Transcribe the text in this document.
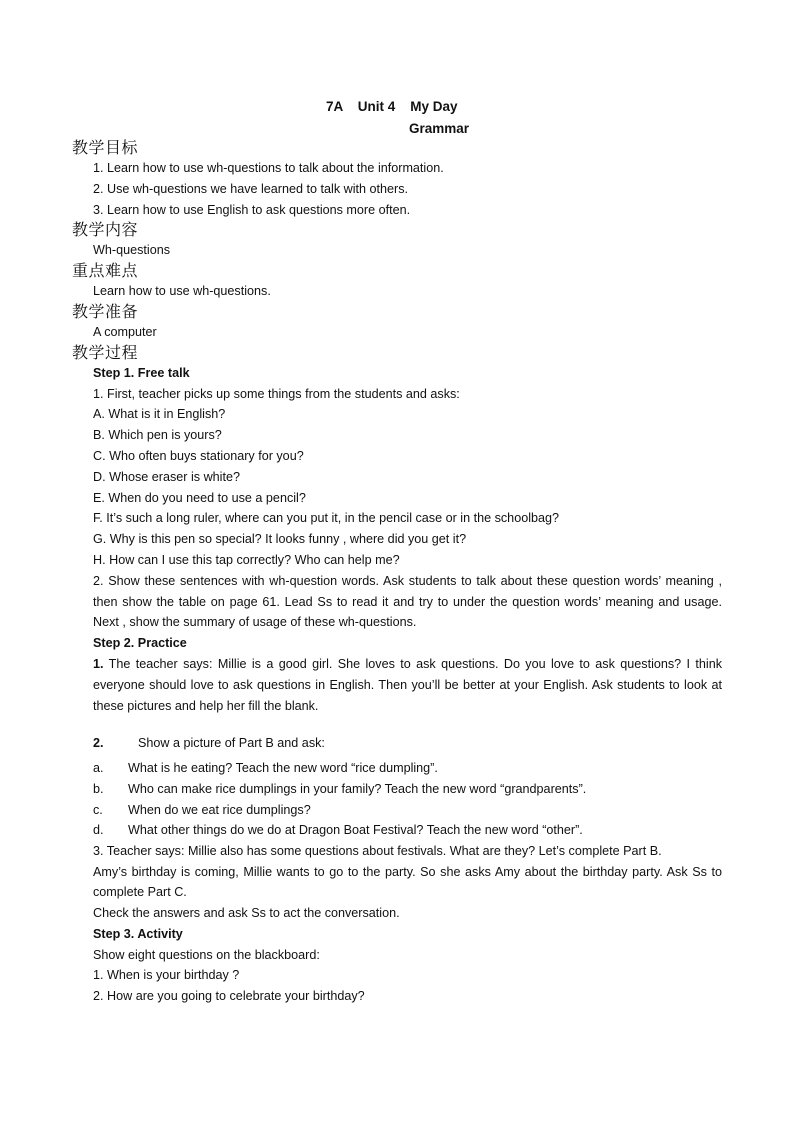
7A    Unit 4    My Day
Grammar
教学目标

1. Learn how to use wh-questions to talk about the information.

2. Use wh-questions we have learned to talk with others.

3. Learn how to use English to ask questions more often.

教学内容

Wh-questions

重点难点

Learn how to use wh-questions.

教学准备

A computer

教学过程

Step 1. Free talk

1. First, teacher picks up some things from the students and asks:

A. What is it in English?

B. Which pen is yours?

C. Who often buys stationary for you?

D. Whose eraser is white?

E. When do you need to use a pencil?

F. It’s such a long ruler, where can you put it, in the pencil case or in the schoolbag?

G. Why is this pen so special? It looks funny , where did you get it?

H. How can I use this tap correctly? Who can help me?

2. Show these sentences with wh-question words. Ask students to talk about these question words’ meaning , then show the table on page 61. Lead Ss to read it and try to under the question words’ meaning and usage. Next , show the summary of usage of these wh-questions.

Step 2. Practice

1. The teacher says: Millie is a good girl. She loves to ask questions. Do you love to ask questions? I think everyone should love to ask questions in English. Then you’ll be better at your English. Ask students to look at these pictures and help her fill the blank.

2.	Show a picture of Part B and ask:
a.	What is he eating? Teach the new word “rice dumpling”.
b.	Who can make rice dumplings in your family? Teach the new word “grandparents”.
c.	When do we eat rice dumplings?
d.	What other things do we do at Dragon Boat Festival? Teach the new word “other”.

3. Teacher says: Millie also has some questions about festivals. What are they? Let’s complete Part B.

Amy’s birthday is coming, Millie wants to go to the party. So she asks Amy about the birthday party. Ask Ss to complete Part C.

Check the answers and ask Ss to act the conversation.

Step 3. Activity

Show eight questions on the blackboard:

1. When is your birthday ?

2. How are you going to celebrate your birthday?
